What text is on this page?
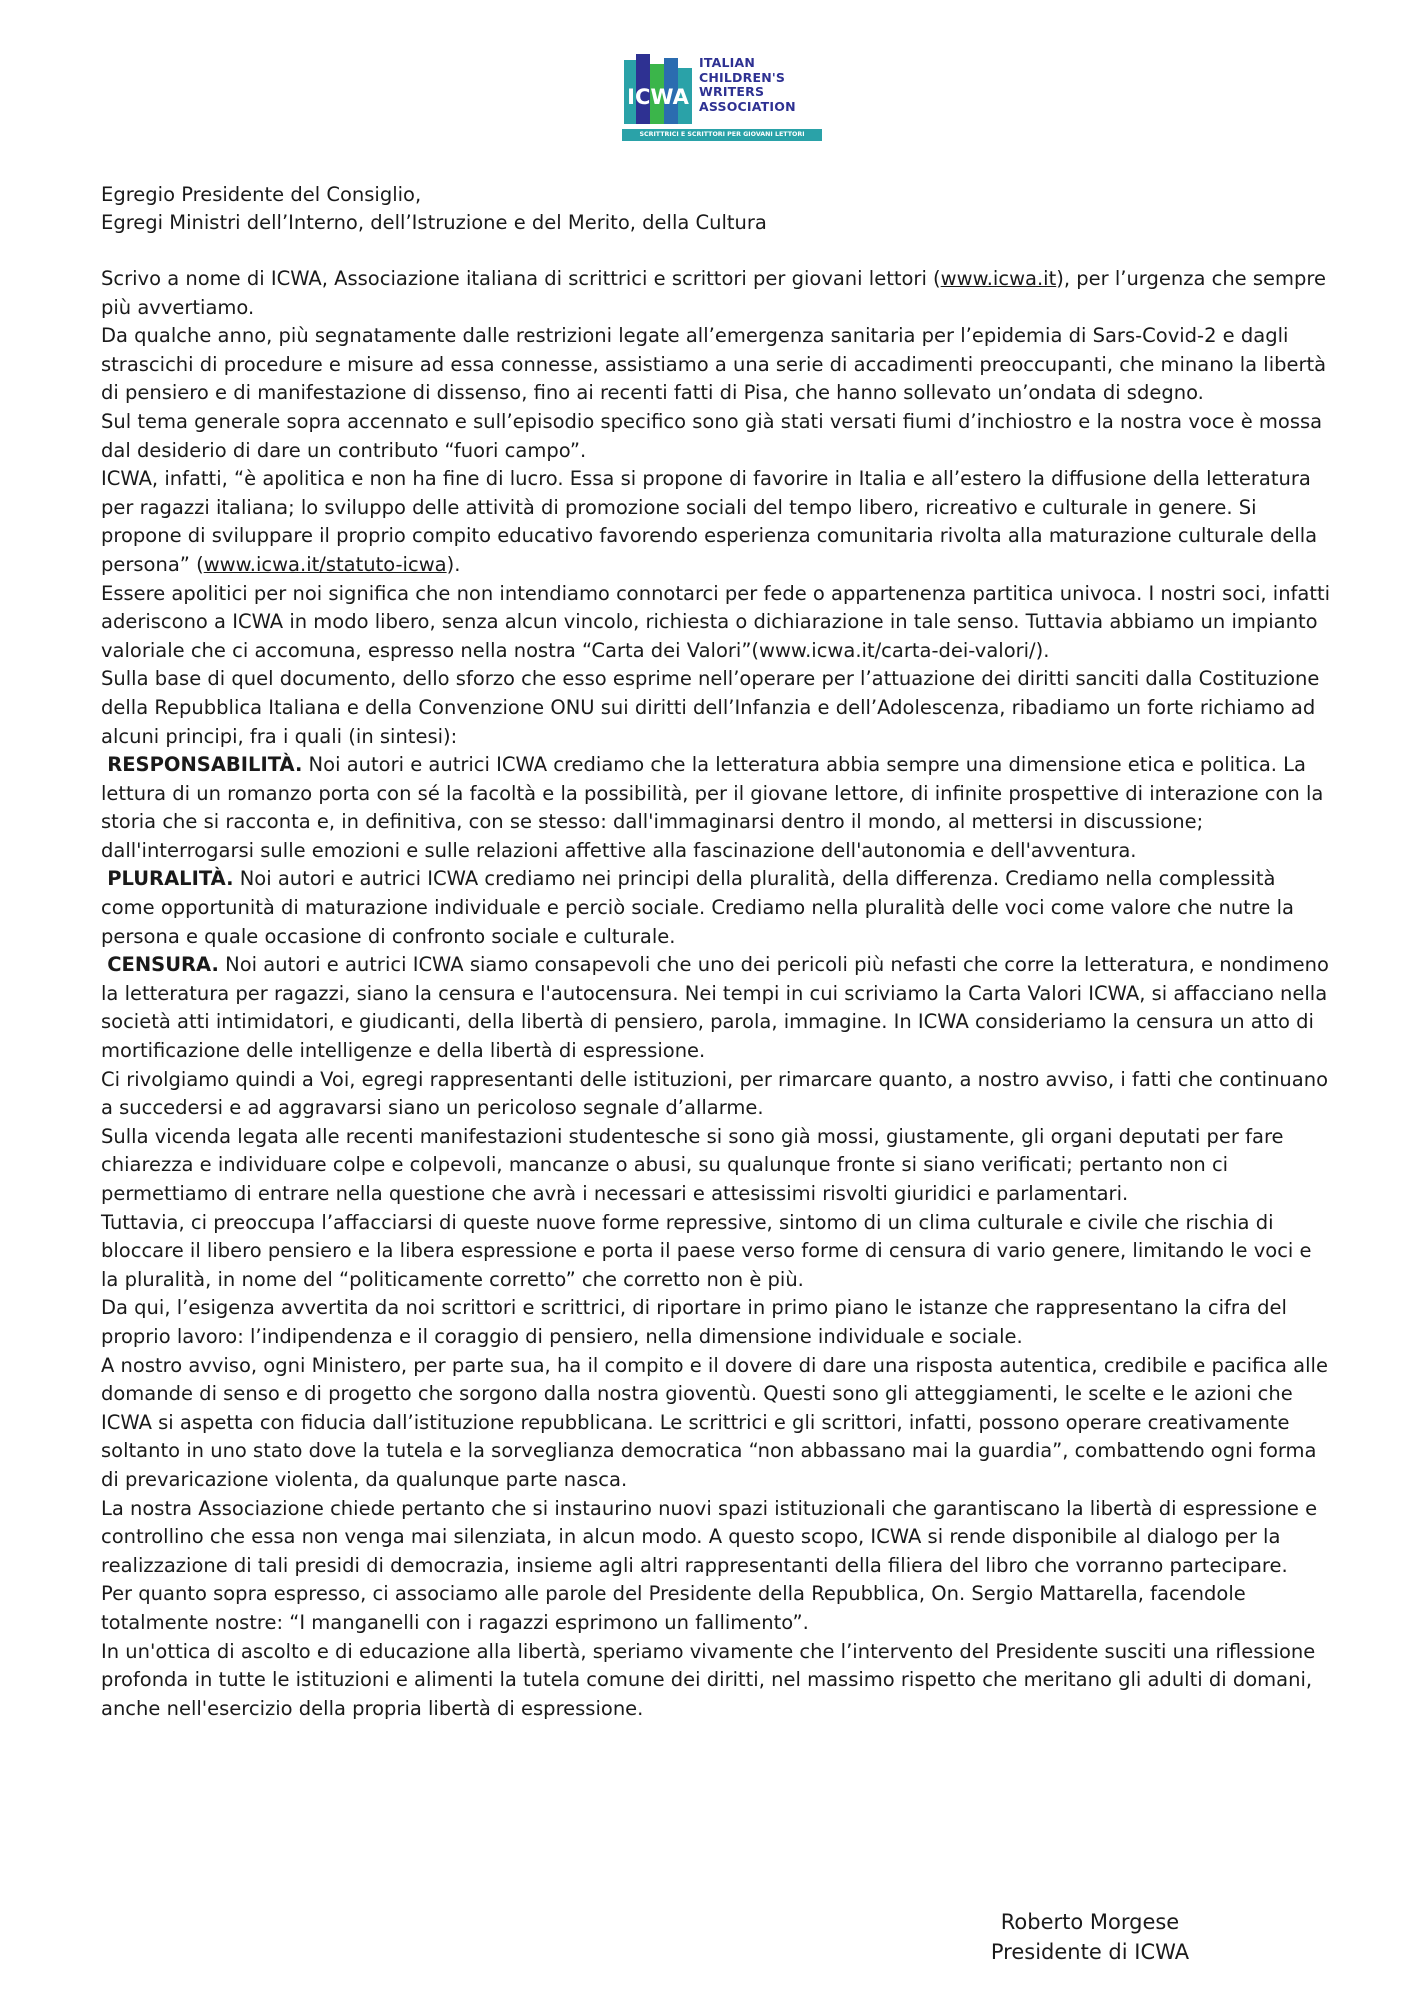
ICWA
ITALIAN
CHILDREN'S
WRITERS
ASSOCIATION
SCRITTRICI E SCRITTORI PER GIOVANI LETTORI
Egregio Presidente del Consiglio,
Egregi Ministri dell’Interno, dell’Istruzione e del Merito, della Cultura

Scrivo a nome di ICWA, Associazione italiana di scrittrici e scrittori per giovani lettori (www.icwa.it), per l’urgenza che sempre più avvertiamo.

Da qualche anno, più segnatamente dalle restrizioni legate all’emergenza sanitaria per l’epidemia di Sars-Covid-2 e dagli strascichi di procedure e misure ad essa connesse, assistiamo a una serie di accadimenti preoccupanti, che minano la libertà di pensiero e di manifestazione di dissenso, fino ai recenti fatti di Pisa, che hanno sollevato un’ondata di sdegno.

Sul tema generale sopra accennato e sull’episodio specifico sono già stati versati fiumi d’inchiostro e la nostra voce è mossa dal desiderio di dare un contributo “fuori campo”.

ICWA, infatti, “è apolitica e non ha fine di lucro. Essa si propone di favorire in Italia e all’estero la diffusione della letteratura per ragazzi italiana; lo sviluppo delle attività di promozione sociali del tempo libero, ricreativo e culturale in genere. Si propone di sviluppare il proprio compito educativo favorendo esperienza comunitaria rivolta alla maturazione culturale della persona” (www.icwa.it/statuto-icwa).

Essere apolitici per noi significa che non intendiamo connotarci per fede o appartenenza partitica univoca. I nostri soci, infatti aderiscono a ICWA in modo libero, senza alcun vincolo, richiesta o dichiarazione in tale senso. Tuttavia abbiamo un impianto valoriale che ci accomuna, espresso nella nostra “Carta dei Valori”(www.icwa.it/carta-dei-valori/).

Sulla base di quel documento, dello sforzo che esso esprime nell’operare per l’attuazione dei diritti sanciti dalla Costituzione della Repubblica Italiana e della Convenzione ONU sui diritti dell’Infanzia e dell’Adolescenza, ribadiamo un forte richiamo ad alcuni principi, fra i quali (in sintesi):

RESPONSABILITÀ. Noi autori e autrici ICWA crediamo che la letteratura abbia sempre una dimensione etica e politica. La lettura di un romanzo porta con sé la facoltà e la possibilità, per il giovane lettore, di infinite prospettive di interazione con la storia che si racconta e, in definitiva, con se stesso: dall'immaginarsi dentro il mondo, al mettersi in discussione; dall'interrogarsi sulle emozioni e sulle relazioni affettive alla fascinazione dell'autonomia e dell'avventura.

PLURALITÀ. Noi autori e autrici ICWA crediamo nei principi della pluralità, della differenza. Crediamo nella complessità come opportunità di maturazione individuale e perciò sociale. Crediamo nella pluralità delle voci come valore che nutre la persona e quale occasione di confronto sociale e culturale.

CENSURA. Noi autori e autrici ICWA siamo consapevoli che uno dei pericoli più nefasti che corre la letteratura, e nondimeno la letteratura per ragazzi, siano la censura e l'autocensura. Nei tempi in cui scriviamo la Carta Valori ICWA, si affacciano nella società atti intimidatori, e giudicanti, della libertà di pensiero, parola, immagine. In ICWA consideriamo la censura un atto di mortificazione delle intelligenze e della libertà di espressione.

Ci rivolgiamo quindi a Voi, egregi rappresentanti delle istituzioni, per rimarcare quanto, a nostro avviso, i fatti che continuano a succedersi e ad aggravarsi siano un pericoloso segnale d’allarme.

Sulla vicenda legata alle recenti manifestazioni studentesche si sono già mossi, giustamente, gli organi deputati per fare chiarezza e individuare colpe e colpevoli, mancanze o abusi, su qualunque fronte si siano verificati; pertanto non ci permettiamo di entrare nella questione che avrà i necessari e attesissimi risvolti giuridici e parlamentari.

Tuttavia, ci preoccupa l’affacciarsi di queste nuove forme repressive, sintomo di un clima culturale e civile che rischia di bloccare il libero pensiero e la libera espressione e porta il paese verso forme di censura di vario genere, limitando le voci e la pluralità, in nome del “politicamente corretto” che corretto non è più.

Da qui, l’esigenza avvertita da noi scrittori e scrittrici, di riportare in primo piano le istanze che rappresentano la cifra del proprio lavoro: l’indipendenza e il coraggio di pensiero, nella dimensione individuale e sociale.

A nostro avviso, ogni Ministero, per parte sua, ha il compito e il dovere di dare una risposta autentica, credibile e pacifica alle domande di senso e di progetto che sorgono dalla nostra gioventù. Questi sono gli atteggiamenti, le scelte e le azioni che ICWA si aspetta con fiducia dall’istituzione repubblicana. Le scrittrici e gli scrittori, infatti, possono operare creativamente soltanto in uno stato dove la tutela e la sorveglianza democratica “non abbassano mai la guardia”, combattendo ogni forma di prevaricazione violenta, da qualunque parte nasca.

La nostra Associazione chiede pertanto che si instaurino nuovi spazi istituzionali che garantiscano la libertà di espressione e controllino che essa non venga mai silenziata, in alcun modo. A questo scopo, ICWA si rende disponibile al dialogo per la realizzazione di tali presidi di democrazia, insieme agli altri rappresentanti della filiera del libro che vorranno partecipare.

Per quanto sopra espresso, ci associamo alle parole del Presidente della Repubblica, On. Sergio Mattarella, facendole totalmente nostre: “I manganelli con i ragazzi esprimono un fallimento”.

In un'ottica di ascolto e di educazione alla libertà, speriamo vivamente che l’intervento del Presidente susciti una riflessione profonda in tutte le istituzioni e alimenti la tutela comune dei diritti, nel massimo rispetto che meritano gli adulti di domani, anche nell'esercizio della propria libertà di espressione.

Roberto Morgese
Presidente di ICWA
